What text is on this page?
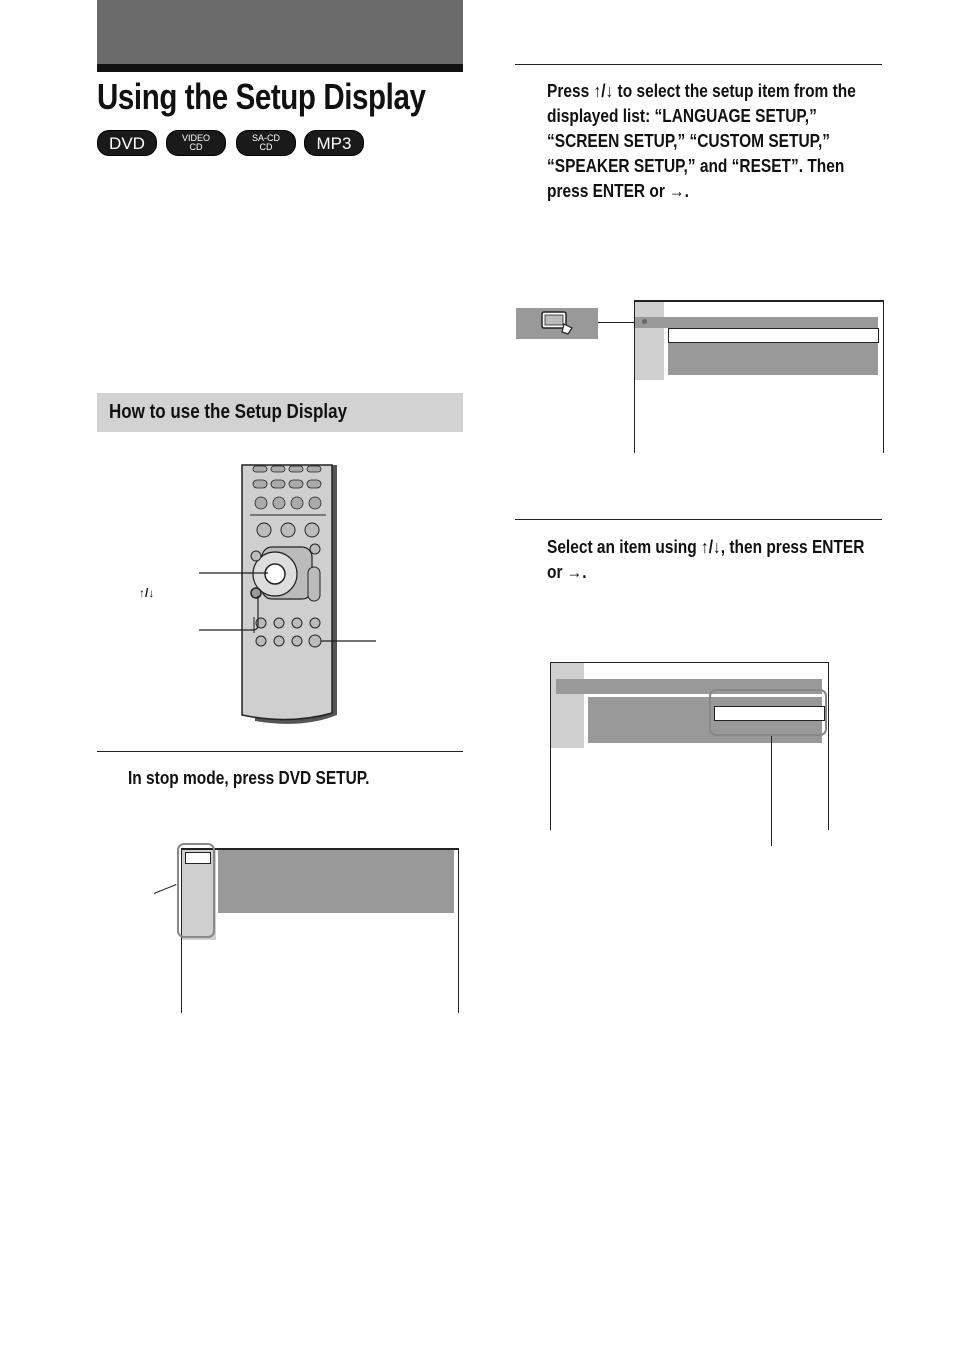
Using the Setup Display
DVD	VIDEO
CD
SA-CD
CD	MP3
How to use the Setup Display
↑/↓
In stop mode, press DVD SETUP.
Press ↑/↓ to select the setup item from the displayed list: “LANGUAGE SETUP,” “SCREEN SETUP,” “CUSTOM SETUP,” “SPEAKER SETUP,” and “RESET”. Then press ENTER or →.
Select an item using ↑/↓, then press ENTER or →.
